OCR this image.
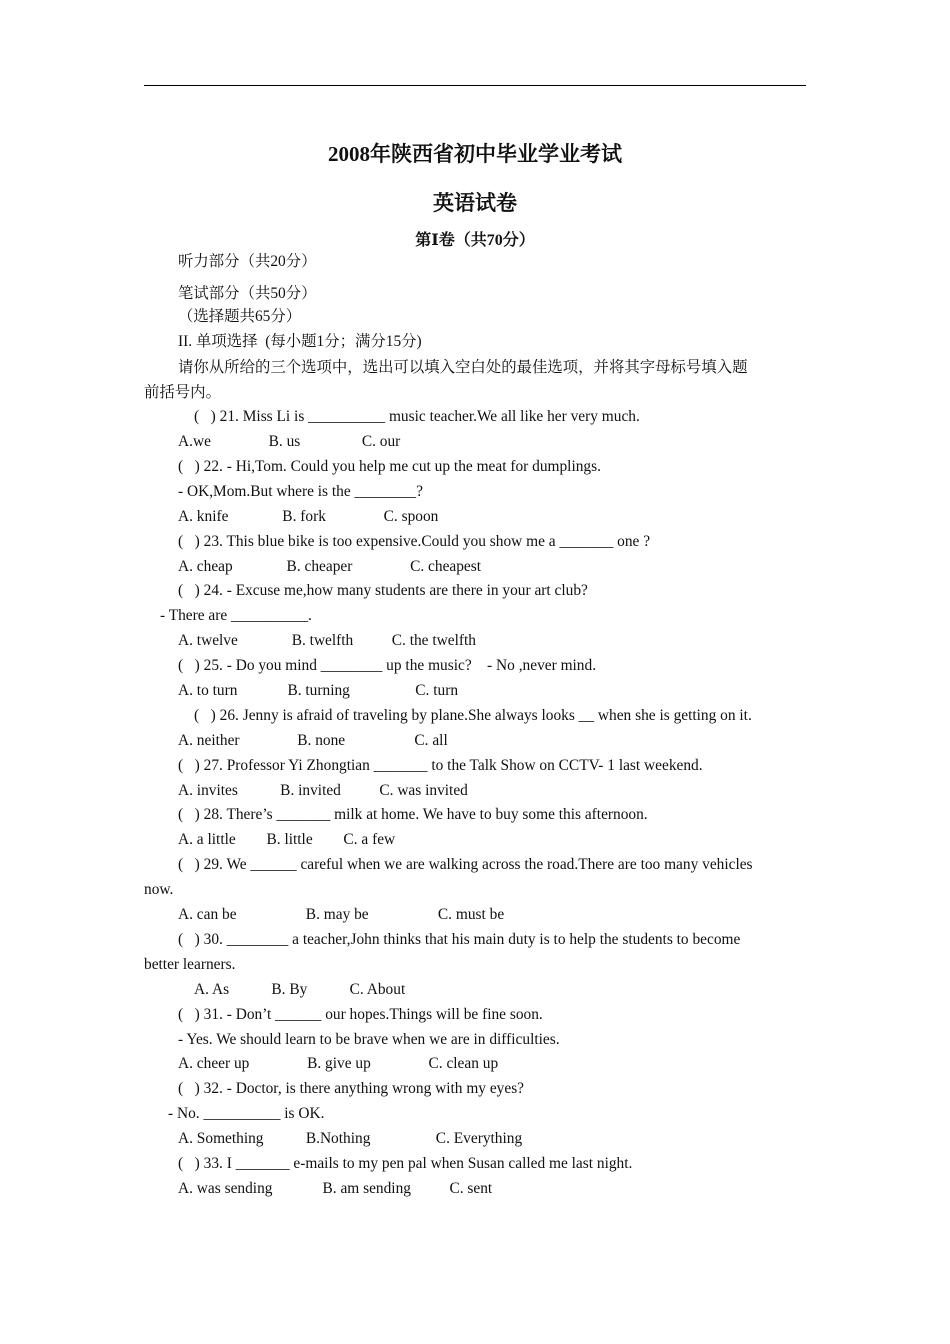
2008年陕西省初中毕业学业考试
英语试卷
第Ⅰ卷（共70分）
听力部分（共20分）
笔试部分（共50分）
（选择题共65分）
II. 单项选择  (每小题1分；满分15分)
请你从所给的三个选项中，选出可以填入空白处的最佳选项，并将其字母标号填入题
前括号内。
(   ) 21. Miss Li is __________ music teacher.We all like her very much.
A.we               B. us                C. our
(   ) 22. - Hi,Tom. Could you help me cut up the meat for dumplings.
- OK,Mom.But where is the ________?
A. knife              B. fork               C. spoon
(   ) 23. This blue bike is too expensive.Could you show me a _______ one ?
A. cheap              B. cheaper               C. cheapest
(   ) 24. - Excuse me,how many students are there in your art club?
- There are __________.
A. twelve              B. twelfth          C. the twelfth
(   ) 25. - Do you mind ________ up the music?    - No ,never mind.
A. to turn             B. turning                 C. turn
(   ) 26. Jenny is afraid of traveling by plane.She always looks __ when she is getting on it.
A. neither               B. none                  C. all
(   ) 27. Professor Yi Zhongtian _______ to the Talk Show on CCTV- 1 last weekend.
A. invites           B. invited          C. was invited
(   ) 28. There’s _______ milk at home. We have to buy some this afternoon.
A. a little        B. little        C. a few
(   ) 29. We ______ careful when we are walking across the road.There are too many vehicles
now.
A. can be                  B. may be                  C. must be
(   ) 30. ________ a teacher,John thinks that his main duty is to help the students to become
better learners.
A. As           B. By           C. About
(   ) 31. - Don’t ______ our hopes.Things will be fine soon.
- Yes. We should learn to be brave when we are in difficulties.
A. cheer up               B. give up               C. clean up
(   ) 32. - Doctor, is there anything wrong with my eyes?
- No. __________ is OK.
A. Something           B.Nothing                 C. Everything
(   ) 33. I _______ e-mails to my pen pal when Susan called me last night.
A. was sending             B. am sending          C. sent
